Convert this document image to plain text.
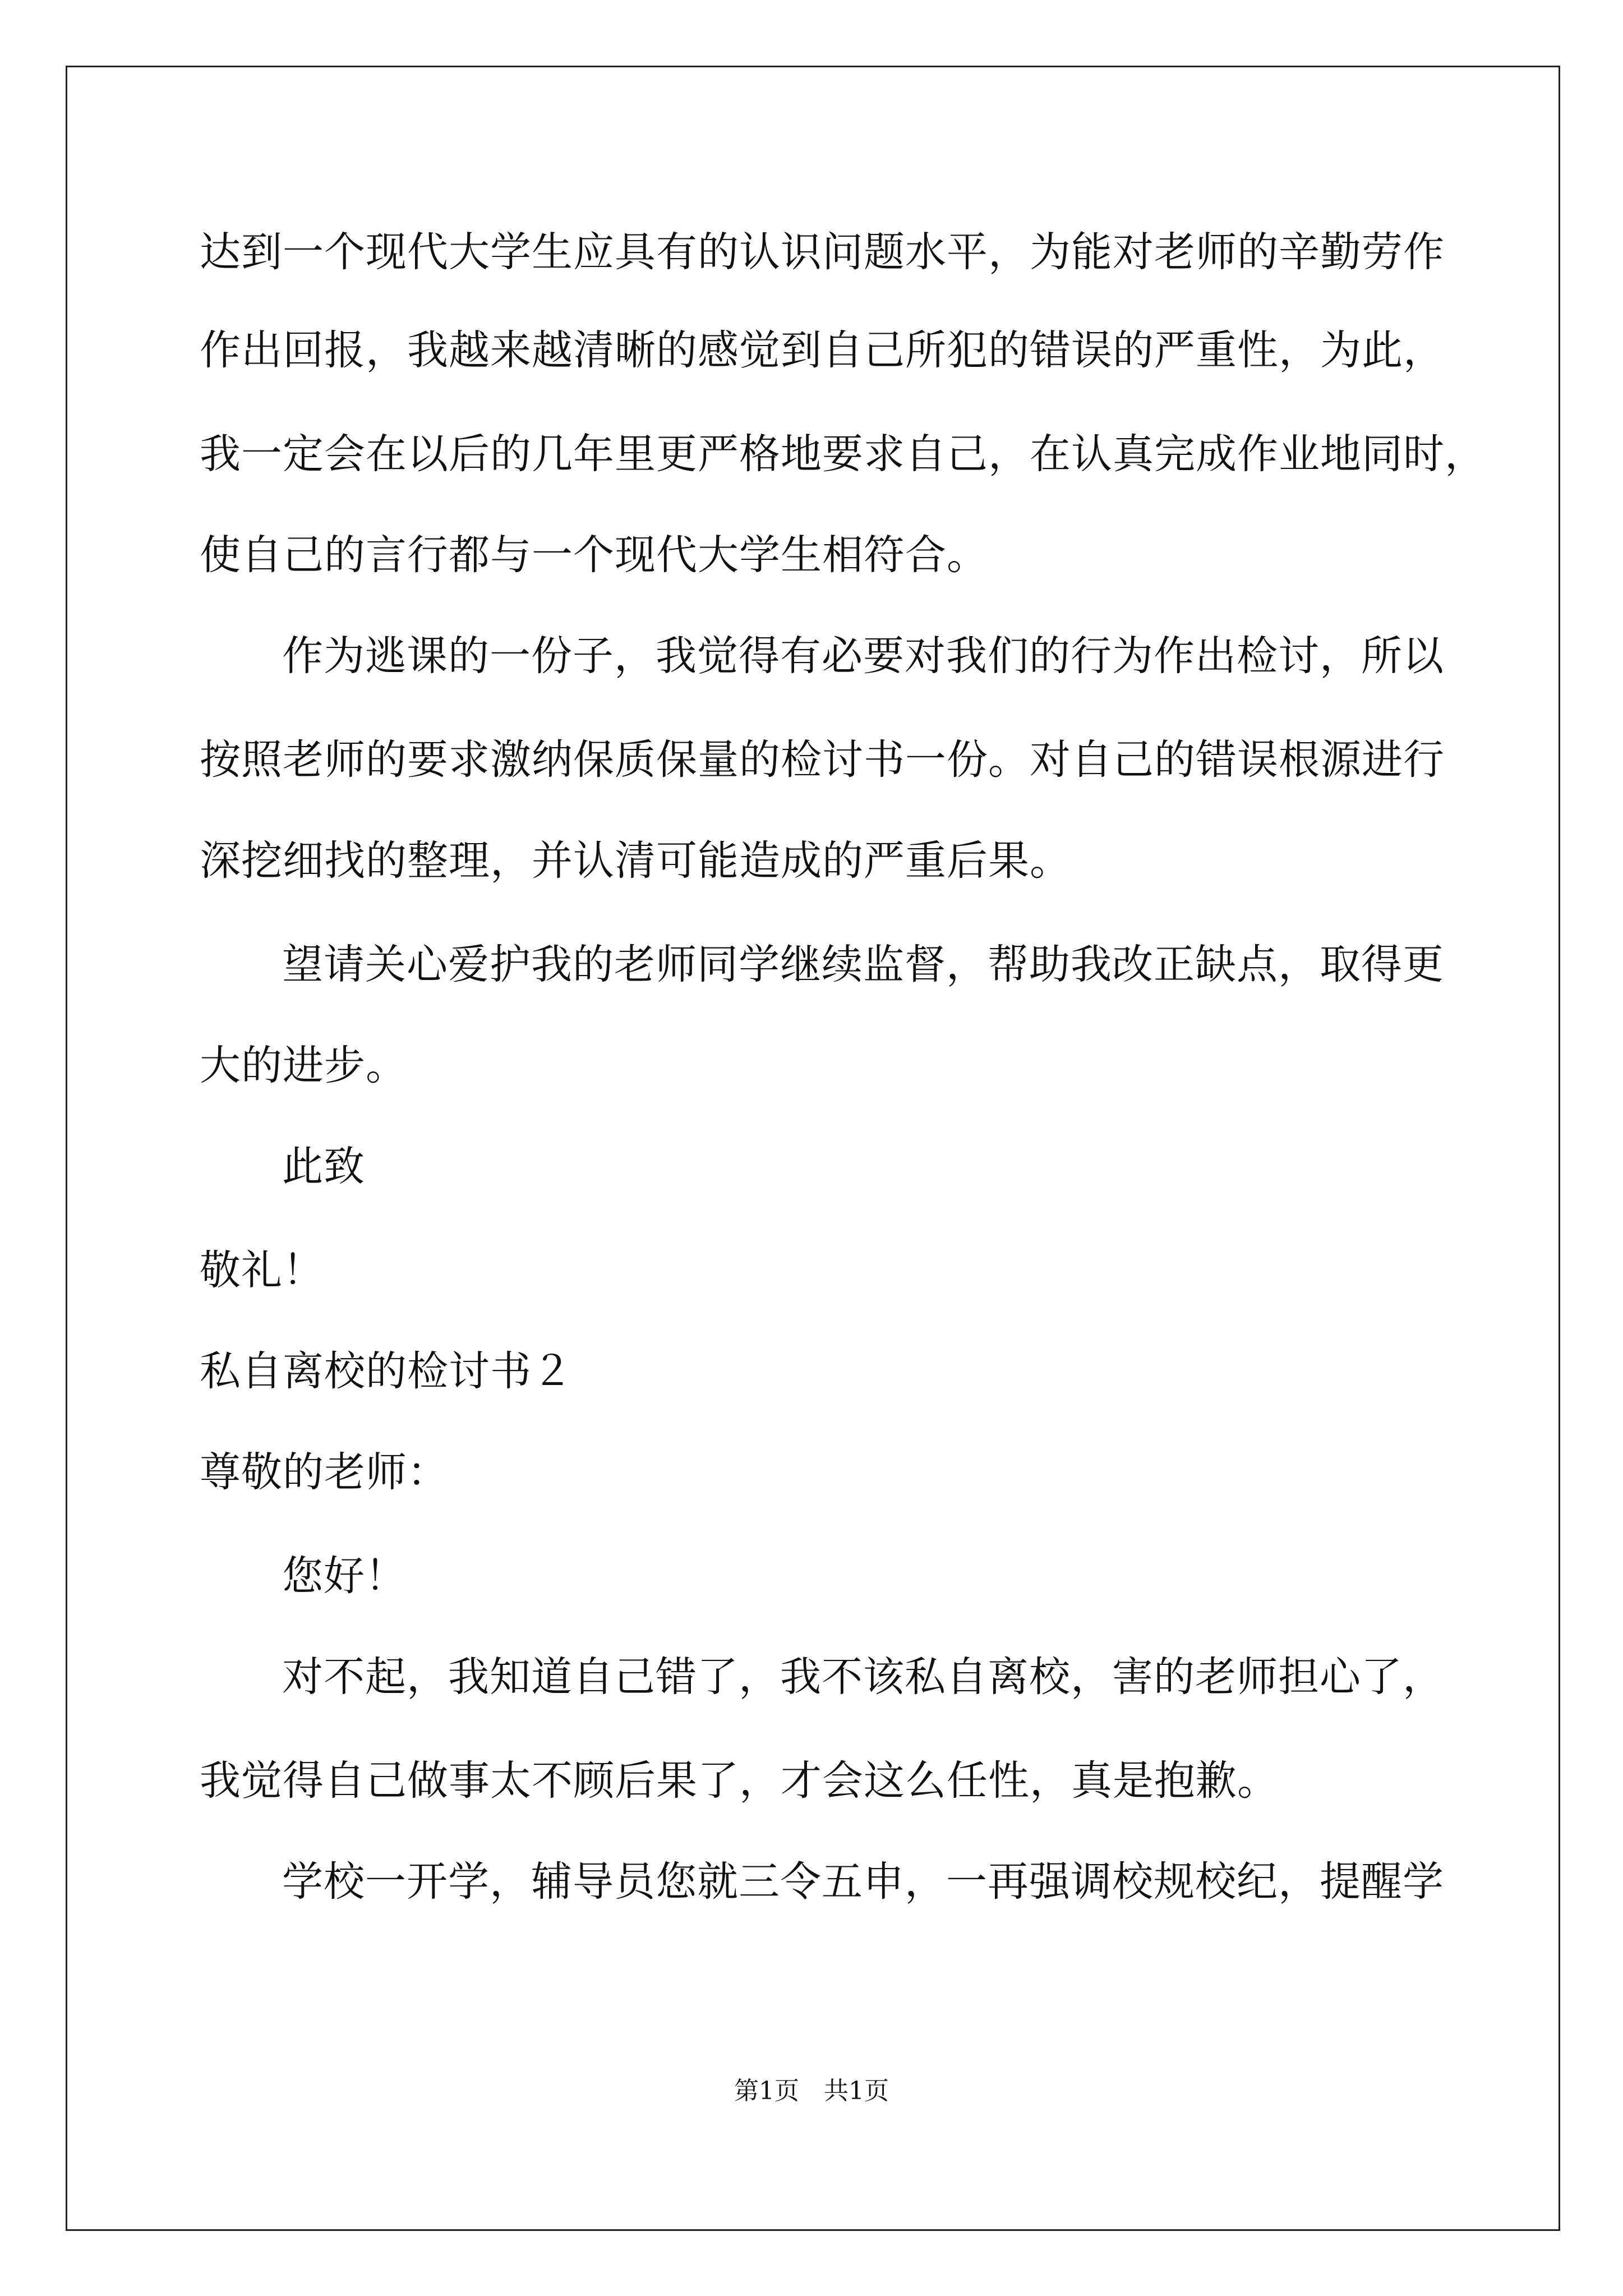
达到一个现代大学生应具有的认识问题水平，为能对老师的辛勤劳作
作出回报，我越来越清晰的感觉到自己所犯的错误的严重性，为此，
我一定会在以后的几年里更严格地要求自己，在认真完成作业地同时，
使自己的言行都与一个现代大学生相符合。
作为逃课的一份子，我觉得有必要对我们的行为作出检讨，所以
按照老师的要求激纳保质保量的检讨书一份。对自己的错误根源进行
深挖细找的整理，并认清可能造成的严重后果。
望请关心爱护我的老师同学继续监督，帮助我改正缺点，取得更
大的进步。
此致
敬礼！
私自离校的检讨书２
尊敬的老师：
您好！
对不起，我知道自己错了，我不该私自离校，害的老师担心了，
我觉得自己做事太不顾后果了，才会这么任性，真是抱歉。
学校一开学，辅导员您就三令五申，一再强调校规校纪，提醒学
第1页　共1页
